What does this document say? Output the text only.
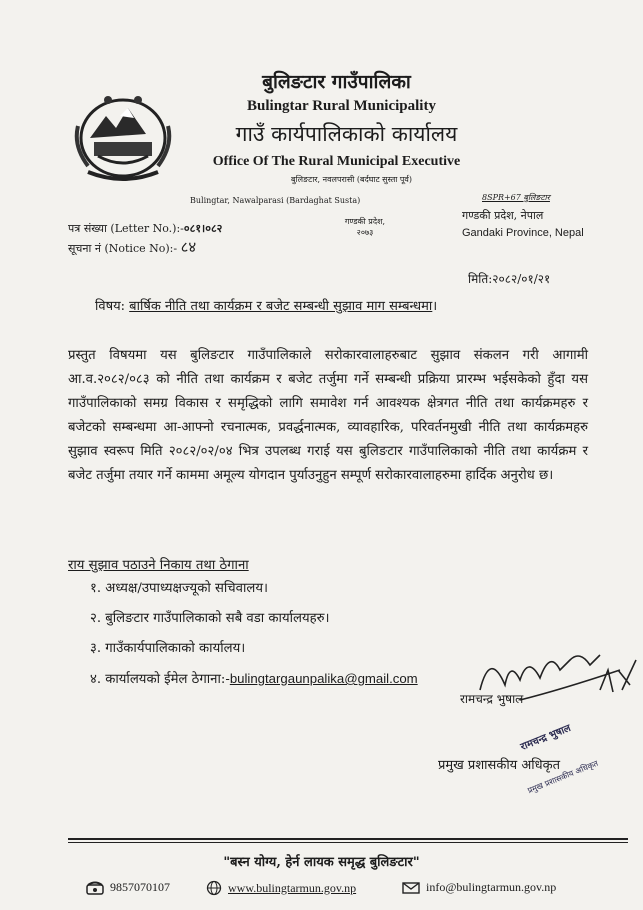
बुलिङटार गाउँपालिका
Bulingtar Rural Municipality
गाउँ कार्यपालिकाको कार्यालय
Office Of The Rural Municipal Executive
बुलिङटार, नवलपरासी (बर्दघाट सुस्ता पूर्व)
Bulingtar, Nawalparasi (Bardaghat Susta)
गण्डकी प्रदेश,
२०७३
8SPR+67 बुलिङटार
गण्डकी प्रदेश, नेपाल
Gandaki Province, Nepal
पत्र संख्या (Letter No.):-०८१।०८२
सूचना नं (Notice No):- ८४
मिति:२०८२/०१/२१
विषय: बार्षिक नीति तथा कार्यक्रम र बजेट सम्बन्धी सुझाव माग सम्बन्धमा।
प्रस्तुत विषयमा यस बुलिङटार गाउँपालिकाले सरोकारवालाहरुबाट सुझाव संकलन गरी आगामी आ.व.२०८२/०८३ को नीति तथा कार्यक्रम र बजेट तर्जुमा गर्ने सम्बन्धी प्रक्रिया प्रारम्भ भईसकेको हुँदा यस गाउँपालिकाको समग्र विकास र समृद्धिको लागि समावेश गर्न आवश्यक क्षेत्रगत नीति तथा कार्यक्रमहरु र बजेटको सम्बन्धमा आ-आफ्नो रचनात्मक, प्रवर्द्धनात्मक, व्यावहारिक, परिवर्तनमुखी नीति तथा कार्यक्रमहरु सुझाव स्वरूप मिति २०८२/०२/०४ भित्र उपलब्ध गराई यस बुलिङटार गाउँपालिकाको नीति तथा कार्यक्रम र बजेट तर्जुमा तयार गर्ने काममा अमूल्य योगदान पुर्याउनुहुन सम्पूर्ण सरोकारवालाहरुमा हार्दिक अनुरोध छ।
राय सुझाव पठाउने निकाय तथा ठेगाना
१. अध्यक्ष/उपाध्यक्षज्यूको सचिवालय।
२. बुलिङटार गाउँपालिकाको सबै वडा कार्यालयहरु।
३. गाउँकार्यपालिकाको कार्यालय।
४. कार्यालयको ईमेल ठेगाना:-bulingtargaunpalika@gmail.com
रामचन्द्र भुषाल
प्रमुख प्रशासकीय अधिकृत
रामचन्द्र भुषाल
प्रमुख प्रशासकीय अधिकृत
"बस्न योग्य, हेर्न लायक समृद्ध बुलिङटार"
9857070107	www.bulingtarmun.gov.np	info@bulingtarmun.gov.np
